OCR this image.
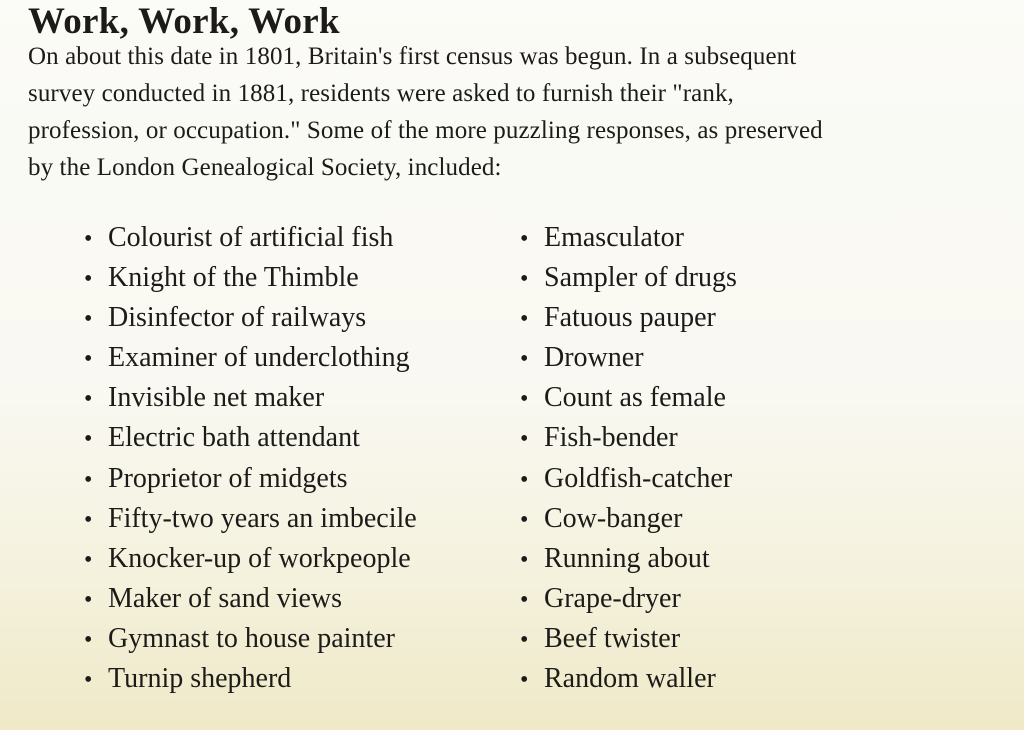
Work, Work, Work

On about this date in 1801, Britain's first census was begun. In a subsequent
survey conducted in 1881, residents were asked to furnish their "rank,
profession, or occupation." Some of the more puzzling responses, as preserved
by the London Genealogical Society, included:

• Colourist of artificial fish
• Knight of the Thimble
• Disinfector of railways
• Examiner of underclothing
• Invisible net maker
• Electric bath attendant
• Proprietor of midgets
• Fifty-two years an imbecile
• Knocker-up of workpeople
• Maker of sand views
• Gymnast to house painter
• Turnip shepherd
• Emasculator
• Sampler of drugs
• Fatuous pauper
• Drowner
• Count as female
• Fish-bender
• Goldfish-catcher
• Cow-banger
• Running about
• Grape-dryer
• Beef twister
• Random waller
